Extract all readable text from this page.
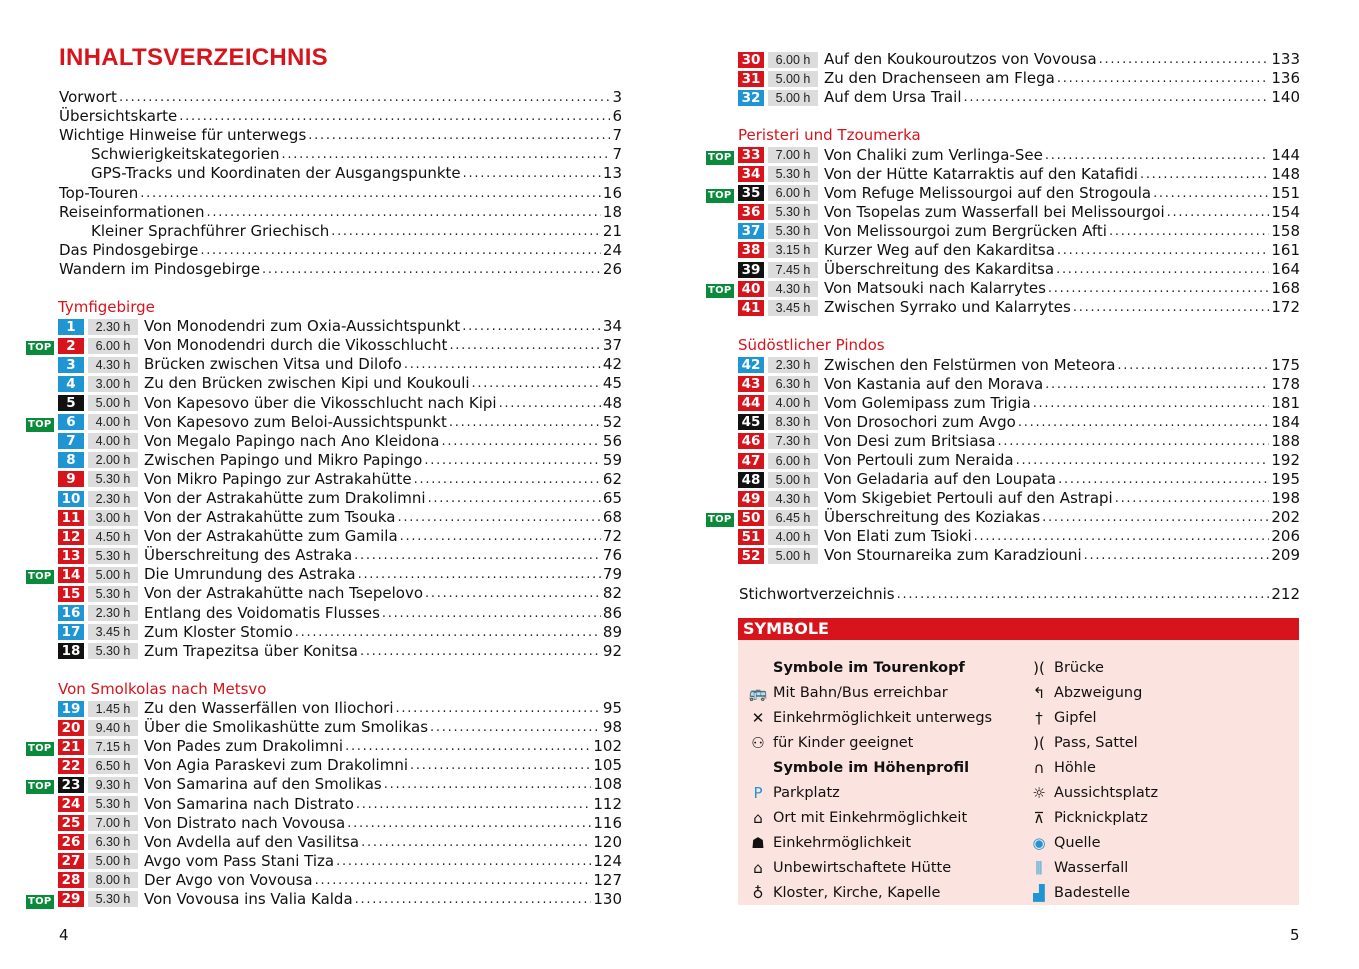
INHALTSVERZEICHNIS
Vorwort . . .	3
Übersichtskarte . . .	6
Wichtige Hinweise für unterwegs . . .	7
Schwierigkeitskategorien . . .	7
GPS-Tracks und Koordinaten der Ausgangspunkte . . .	13
Top-Touren . . .	16
Reiseinformationen . . .	18
Kleiner Sprachführer Griechisch . . .	21
Das Pindosgebirge . . .	24
Wandern im Pindosgebirge . . .	26
Tymfigebirge
1	2.30 h Von Monodendri zum Oxia-Aussichtspunkt . . .	34
TOP	2	6.00 h Von Monodendri durch die Vikosschlucht . . .	37
3	4.30 h Brücken zwischen Vitsa und Dilofo . . .	42
4	3.00 h Zu den Brücken zwischen Kipi und Koukouli . . .	45
5	5.00 h Von Kapesovo über die Vikosschlucht nach Kipi . . .	48
TOP	6	4.00 h Von Kapesovo zum Beloi-Aussichtspunkt . . .	52
7	4.00 h Von Megalo Papingo nach Ano Kleidona . . .	56
8	2.00 h Zwischen Papingo und Mikro Papingo . . .	59
9	5.30 h Von Mikro Papingo zur Astrakahütte . . .	62
10	2.30 h Von der Astrakahütte zum Drakolimni . . .	65
11	3.00 h Von der Astrakahütte zum Tsouka . . .	68
12	4.50 h Von der Astrakahütte zum Gamila . . .	72
13	5.30 h Überschreitung des Astraka . . .	76
TOP 14	5.00 h Die Umrundung des Astraka . . .	79
15	5.30 h Von der Astrakahütte nach Tsepelovo . . .	82
16	2.30 h Entlang des Voidomatis Flusses . . .	86
17	3.45 h Zum Kloster Stomio . . .	89
18	5.30 h Zum Trapezitsa über Konitsa . . .	92
Von Smolkolas nach Metsvo
19	1.45 h Zu den Wasserfällen von Iliochori . . .	95
20	9.40 h Über die Smolikashütte zum Smolikas . . .	98
TOP 21	7.15 h Von Pades zum Drakolimni . . .	102
22	6.50 h Von Agia Paraskevi zum Drakolimni . . .	105
TOP 23	9.30 h Von Samarina auf den Smolikas . . .	108
24	5.30 h Von Samarina nach Distrato . . .	112
25	7.00 h Von Distrato nach Vovousa . . .	116
26	6.30 h Von Avdella auf den Vasilitsa . . .	120
27	5.00 h Avgo vom Pass Stani Tiza . . .	124
28	8.00 h Der Avgo von Vovousa . . .	127
TOP 29	5.30 h Von Vovousa ins Valia Kalda . . .	130
4
30	6.00 h Auf den Koukouroutzos von Vovousa . . .	133
31	5.00 h Zu den Drachenseen am Flega . . .	136
32	5.00 h Auf dem Ursa Trail . . .	140
Peristeri und Tzoumerka
TOP 33	7.00 h Von Chaliki zum Verlinga-See . . .	144
34	5.30 h Von der Hütte Katarraktis auf den Katafidi . . .	148
TOP 35	6.00 h Vom Refuge Melissourgoi auf den Strogoula . . .	151
36	5.30 h Von Tsopelas zum Wasserfall bei Melissourgoi . . .	154
37	5.30 h Von Melissourgoi zum Bergrücken Afti . . .	158
38	3.15 h Kurzer Weg auf den Kakarditsa . . .	161
39	7.45 h Überschreitung des Kakarditsa . . .	164
TOP 40	4.30 h Von Matsouki nach Kalarrytes . . .	168
41	3.45 h Zwischen Syrrako und Kalarrytes . . .	172
Südöstlicher Pindos
42	2.30 h Zwischen den Felstürmen von Meteora . . .	175
43	6.30 h Von Kastania auf den Morava . . .	178
44	4.00 h Vom Golemipass zum Trigia . . .	181
45	8.30 h Von Drosochori zum Avgo . . .	184
46	7.30 h Von Desi zum Britsiasa . . .	188
47	6.00 h Von Pertouli zum Neraida . . .	192
48	5.00 h Von Geladaria auf den Loupata . . .	195
49	4.30 h Vom Skigebiet Pertouli auf den Astrapi . . .	198
TOP 50	6.45 h Überschreitung des Koziakas . . .	202
51	4.00 h Von Elati zum Tsioki . . .	206
52	5.00 h Von Stournareika zum Karadziouni . . .	209
Stichwortverzeichnis . . .	212
5
SYMBOLE
Symbole im Tourenkopf
🚌 Mit Bahn/Bus erreichbar
✕ Einkehrmöglichkeit unterwegs
⚇ für Kinder geeignet
Symbole im Höhenprofil
P Parkplatz
⌂ Ort mit Einkehrmöglichkeit
☗ Einkehrmöglichkeit
⌂ Unbewirtschaftete Hütte
♁ Kloster, Kirche, Kapelle
)( Brücke
↰ Abzweigung
† Gipfel
)( Pass, Sattel
∩ Höhle
☼ Aussichtsplatz
⊼ Picknickplatz
◉ Quelle
⫼ Wasserfall
▟ Badestelle
